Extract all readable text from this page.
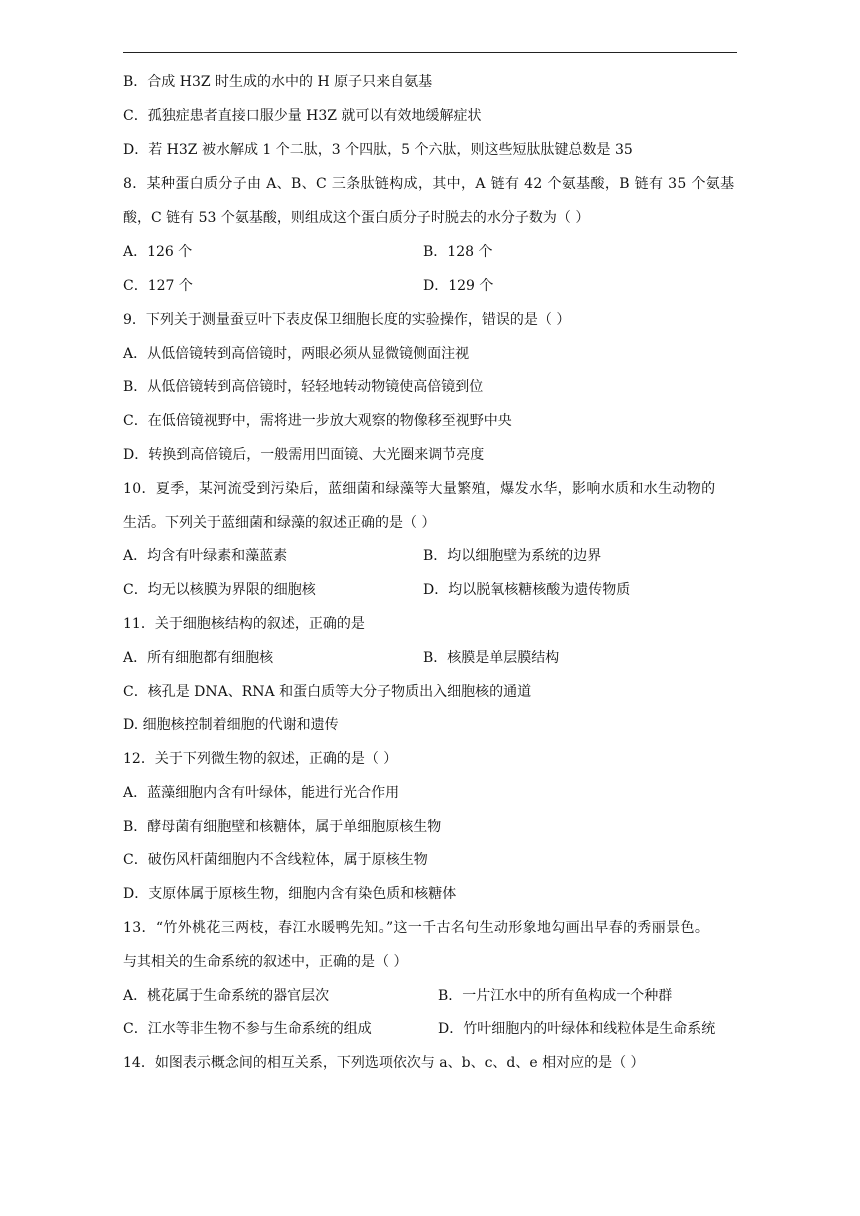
B．合成 H3Z 时生成的水中的 H 原子只来自氨基
C．孤独症患者直接口服少量 H3Z 就可以有效地缓解症状
D．若 H3Z 被水解成 1 个二肽，3 个四肽，5 个六肽，则这些短肽肽键总数是 35
8．某种蛋白质分子由 A、B、C 三条肽链构成，其中，A 链有 42 个氨基酸，B 链有 35 个氨基
酸，C 链有 53 个氨基酸，则组成这个蛋白质分子时脱去的水分子数为（ ）
A．126 个	B．128 个
C．127 个	D．129 个
9．下列关于测量蚕豆叶下表皮保卫细胞长度的实验操作，错误的是（ ）
A．从低倍镜转到高倍镜时，两眼必须从显微镜侧面注视
B．从低倍镜转到高倍镜时，轻轻地转动物镜使高倍镜到位
C．在低倍镜视野中，需将进一步放大观察的物像移至视野中央
D．转换到高倍镜后，一般需用凹面镜、大光圈来调节亮度
10．夏季，某河流受到污染后，蓝细菌和绿藻等大量繁殖，爆发水华，影响水质和水生动物的
生活。下列关于蓝细菌和绿藻的叙述正确的是（ ）
A．均含有叶绿素和藻蓝素	B．均以细胞壁为系统的边界
C．均无以核膜为界限的细胞核	D．均以脱氧核糖核酸为遗传物质
11．关于细胞核结构的叙述，正确的是
A．所有细胞都有细胞核	B．核膜是单层膜结构
C．核孔是 DNA、RNA 和蛋白质等大分子物质出入细胞核的通道
D. 细胞核控制着细胞的代谢和遗传
12．关于下列微生物的叙述，正确的是（ ）
A．蓝藻细胞内含有叶绿体，能进行光合作用
B．酵母菌有细胞壁和核糖体，属于单细胞原核生物
C．破伤风杆菌细胞内不含线粒体，属于原核生物
D．支原体属于原核生物，细胞内含有染色质和核糖体
13．“竹外桃花三两枝，春江水暖鸭先知。”这一千古名句生动形象地勾画出早春的秀丽景色。
与其相关的生命系统的叙述中，正确的是（ ）
A．桃花属于生命系统的器官层次	B．一片江水中的所有鱼构成一个种群
C．江水等非生物不参与生命系统的组成	D．竹叶细胞内的叶绿体和线粒体是生命系统
14．如图表示概念间的相互关系，下列选项依次与 a、b、c、d、e 相对应的是（ ）
